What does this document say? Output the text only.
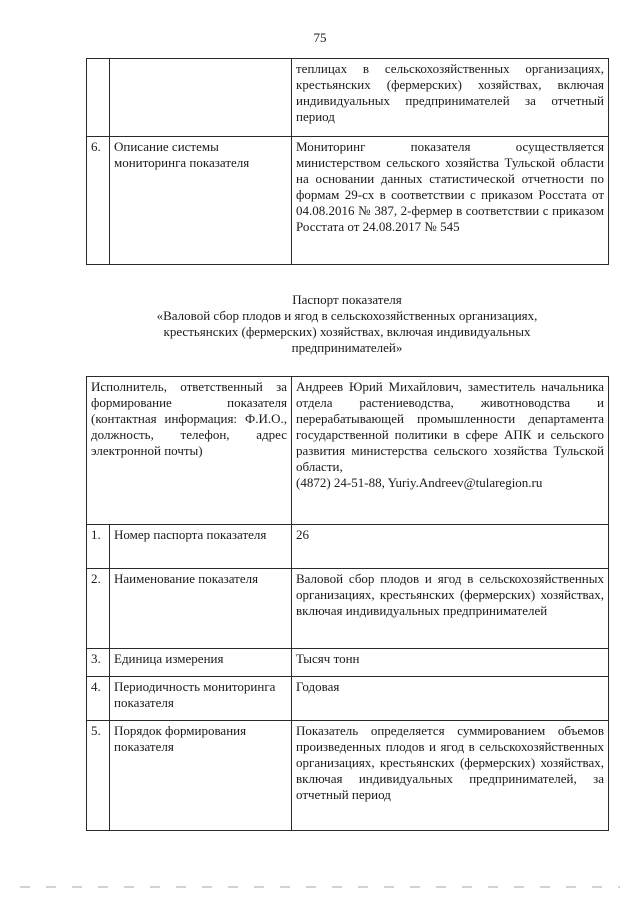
75
		теплицах в сельскохозяйственных организациях, крестьянских (фермерских) хозяйствах, включая индивидуальных предпринимателей за отчетный период
6.	Описание системы мониторинга показателя	Мониторинг показателя осуществляется министерством сельского хозяйства Тульской области на основании данных статистической отчетности по формам 29-сх в соответствии с приказом Росстата от 04.08.2016 № 387, 2-фермер в соответствии с приказом Росстата от 24.08.2017 № 545
Паспорт показателя
«Валовой сбор плодов и ягод в сельскохозяйственных организациях,
крестьянских (фермерских) хозяйствах, включая индивидуальных
предпринимателей»
Исполнитель, ответственный за формирование показателя (контактная информация: Ф.И.О., должность, телефон, адрес электронной почты)		Андреев Юрий Михайлович, заместитель начальника отдела растениеводства, животноводства и перерабатывающей промышленности департамента государственной политики в сфере АПК и сельского развития министерства сельского хозяйства Тульской области,
(4872) 24-51-88, Yuriy.Andreev@tularegion.ru

1.	Номер паспорта показателя	26
2.	Наименование показателя	Валовой сбор плодов и ягод в сельскохозяйственных организациях, крестьянских (фермерских) хозяйствах, включая индивидуальных предпринимателей
3.	Единица измерения	Тысяч тонн
4.	Периодичность мониторинга показателя	Годовая
5.	Порядок формирования показателя	Показатель определяется суммированием объемов произведенных плодов и ягод в сельскохозяйственных организациях, крестьянских (фермерских) хозяйствах, включая индивидуальных предпринимателей, за отчетный период
